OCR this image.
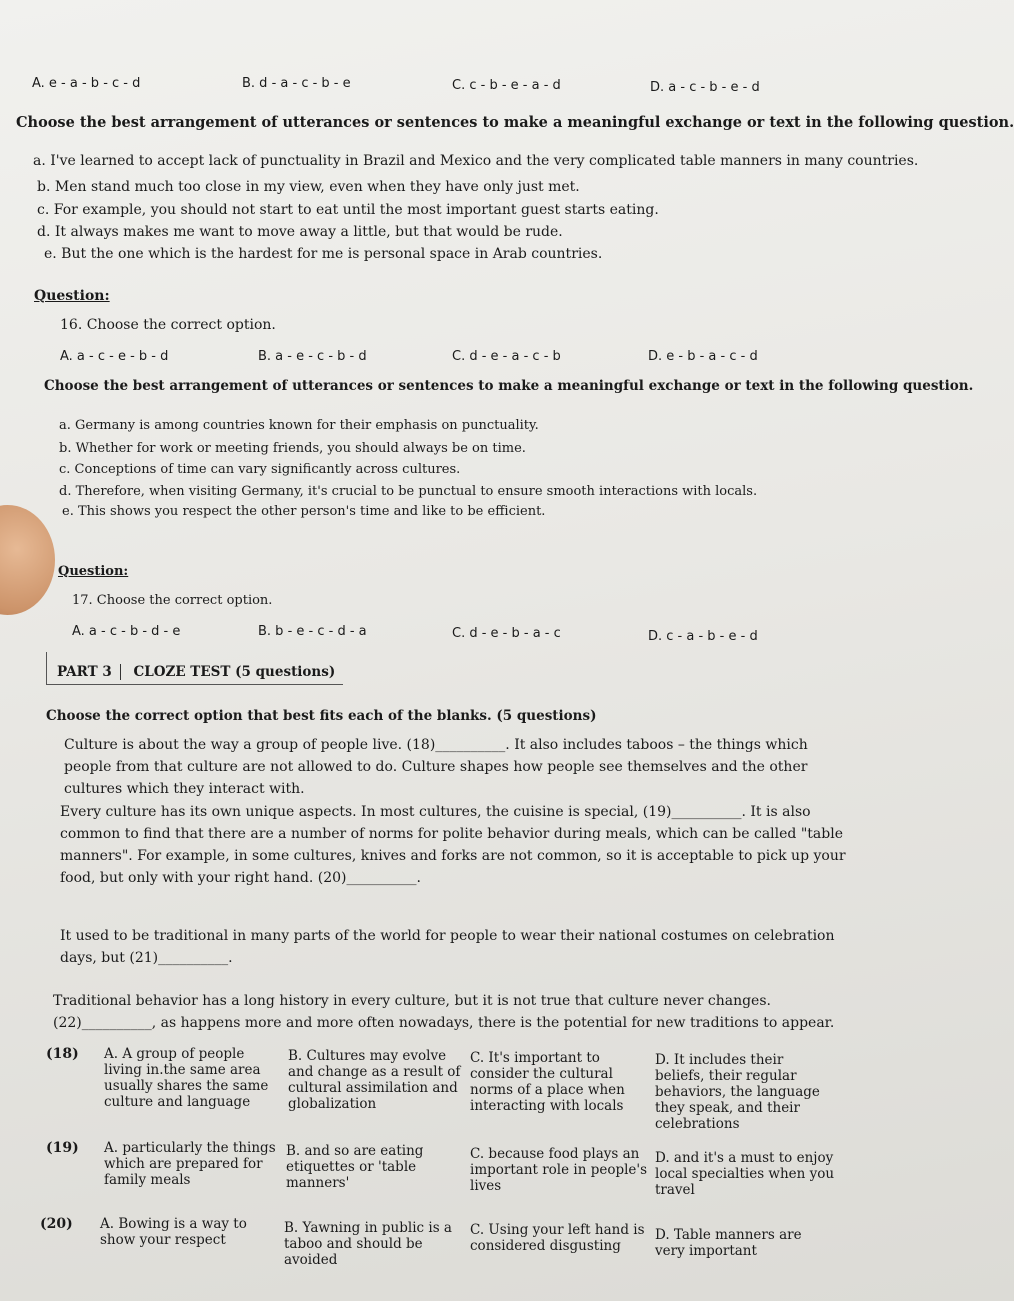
A. e - a - b - c - d	B. d - a - c - b - e	C. c - b - e - a - d	D. a - c - b - e - d
Choose the best arrangement of utterances or sentences to make a meaningful exchange or text in the following question.
a. I've learned to accept lack of punctuality in Brazil and Mexico and the very complicated table manners in many countries.
b. Men stand much too close in my view, even when they have only just met.
c. For example, you should not start to eat until the most important guest starts eating.
d. It always makes me want to move away a little, but that would be rude.
e. But the one which is the hardest for me is personal space in Arab countries.
Question:
16. Choose the correct option.
A. a - c - e - b - d	B. a - e - c - b - d	C. d - e - a - c - b	D. e - b - a - c - d
Choose the best arrangement of utterances or sentences to make a meaningful exchange or text in the following question.
a. Germany is among countries known for their emphasis on punctuality.
b. Whether for work or meeting friends, you should always be on time.
c. Conceptions of time can vary significantly across cultures.
d. Therefore, when visiting Germany, it's crucial to be punctual to ensure smooth interactions with locals.
e. This shows you respect the other person's time and like to be efficient.
Question:
17. Choose the correct option.
A. a - c - b - d - e	B. b - e - c - d - a	C. d - e - b - a - c	D. c - a - b - e - d
PART 3 CLOZE TEST (5 questions)
Choose the correct option that best fits each of the blanks. (5 questions)
Culture is about the way a group of people live. (18)__________. It also includes taboos – the things which people from that culture are not allowed to do. Culture shapes how people see themselves and the other cultures which they interact with.
Every culture has its own unique aspects. In most cultures, the cuisine is special, (19)__________. It is also common to find that there are a number of norms for polite behavior during meals, which can be called "table manners". For example, in some cultures, knives and forks are not common, so it is acceptable to pick up your food, but only with your right hand. (20)__________.
It used to be traditional in many parts of the world for people to wear their national costumes on celebration days, but (21)__________.
Traditional behavior has a long history in every culture, but it is not true that culture never changes. (22)__________, as happens more and more often nowadays, there is the potential for new traditions to appear.
(18) A. A group of people living in.the same area usually shares the same culture and language
B. Cultures may evolve and change as a result of cultural assimilation and globalization
C. It's important to consider the cultural norms of a place when interacting with locals
D. It includes their beliefs, their regular behaviors, the language they speak, and their celebrations
(19) A. particularly the things which are prepared for family meals
B. and so are eating etiquettes or 'table manners'
C. because food plays an important role in people's lives
D. and it's a must to enjoy local specialties when you travel
(20) A. Bowing is a way to show your respect
B. Yawning in public is a taboo and should be avoided
C. Using your left hand is considered disgusting
D. Table manners are very important
